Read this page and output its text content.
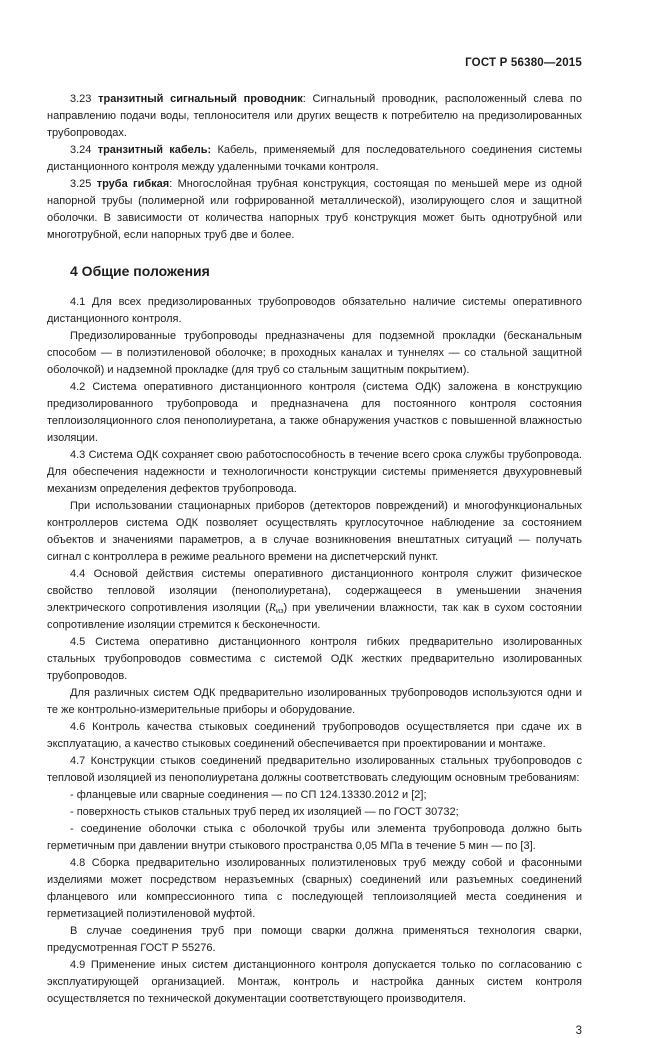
ГОСТ Р 56380—2015

3.23 транзитный сигнальный проводник: Сигнальный проводник, расположенный слева по направлению подачи воды, теплоносителя или других веществ к потребителю на предизолированных трубопроводах.

3.24 транзитный кабель: Кабель, применяемый для последовательного соединения системы дистанционного контроля между удаленными точками контроля.

3.25 труба гибкая: Многослойная трубная конструкция, состоящая по меньшей мере из одной напорной трубы (полимерной или гофрированной металлической), изолирующего слоя и защитной оболочки. В зависимости от количества напорных труб конструкция может быть однотрубной или многотрубной, если напорных труб две и более.

4 Общие положения

4.1 Для всех предизолированных трубопроводов обязательно наличие системы оперативного дистанционного контроля.

Предизолированные трубопроводы предназначены для подземной прокладки (бесканальным способом — в полиэтиленовой оболочке; в проходных каналах и туннелях — со стальной защитной оболочкой) и надземной прокладке (для труб со стальным защитным покрытием).

4.2 Система оперативного дистанционного контроля (система ОДК) заложена в конструкцию предизолированного трубопровода и предназначена для постоянного контроля состояния теплоизоляционного слоя пенополиуретана, а также обнаружения участков с повышенной влажностью изоляции.

4.3 Система ОДК сохраняет свою работоспособность в течение всего срока службы трубопровода. Для обеспечения надежности и технологичности конструкции системы применяется двухуровневый механизм определения дефектов трубопровода.

При использовании стационарных приборов (детекторов повреждений) и многофункциональных контроллеров система ОДК позволяет осуществлять круглосуточное наблюдение за состоянием объектов и значениями параметров, а в случае возникновения внештатных ситуаций — получать сигнал с контроллера в режиме реального времени на диспетчерский пункт.

4.4 Основой действия системы оперативного дистанционного контроля служит физическое свойство тепловой изоляции (пенополиуретана), содержащееся в уменьшении значения электрического сопротивления изоляции $(R_{из})$ при увеличении влажности, так как в сухом состоянии сопротивление изоляции стремится к бесконечности.

4.5 Система оперативно дистанционного контроля гибких предварительно изолированных стальных трубопроводов совместима с системой ОДК жестких предварительно изолированных трубопроводов.

Для различных систем ОДК предварительно изолированных трубопроводов используются одни и те же контрольно-измерительные приборы и оборудование.

4.6 Контроль качества стыковых соединений трубопроводов осуществляется при сдаче их в эксплуатацию, а качество стыковых соединений обеспечивается при проектировании и монтаже.

4.7 Конструкции стыков соединений предварительно изолированных стальных трубопроводов с тепловой изоляцией из пенополиуретана должны соответствовать следующим основным требованиям:

- фланцевые или сварные соединения — по СП 124.13330.2012 и [2];

- поверхность стыков стальных труб перед их изоляцией — по ГОСТ 30732;

- соединение оболочки стыка с оболочкой трубы или элемента трубопровода должно быть герметичным при давлении внутри стыкового пространства 0,05 МПа в течение 5 мин — по [3].

4.8 Сборка предварительно изолированных полиэтиленовых труб между собой и фасонными изделиями может посредством неразъемных (сварных) соединений или разъемных соединений фланцевого или компрессионного типа с последующей теплоизоляцией места соединения и герметизацией полиэтиленовой муфтой.

В случае соединения труб при помощи сварки должна применяться технология сварки, предусмотренная ГОСТ Р 55276.

4.9 Применение иных систем дистанционного контроля допускается только по согласованию с эксплуатирующей организацией. Монтаж, контроль и настройка данных систем контроля осуществляется по технической документации соответствующего производителя.

3
